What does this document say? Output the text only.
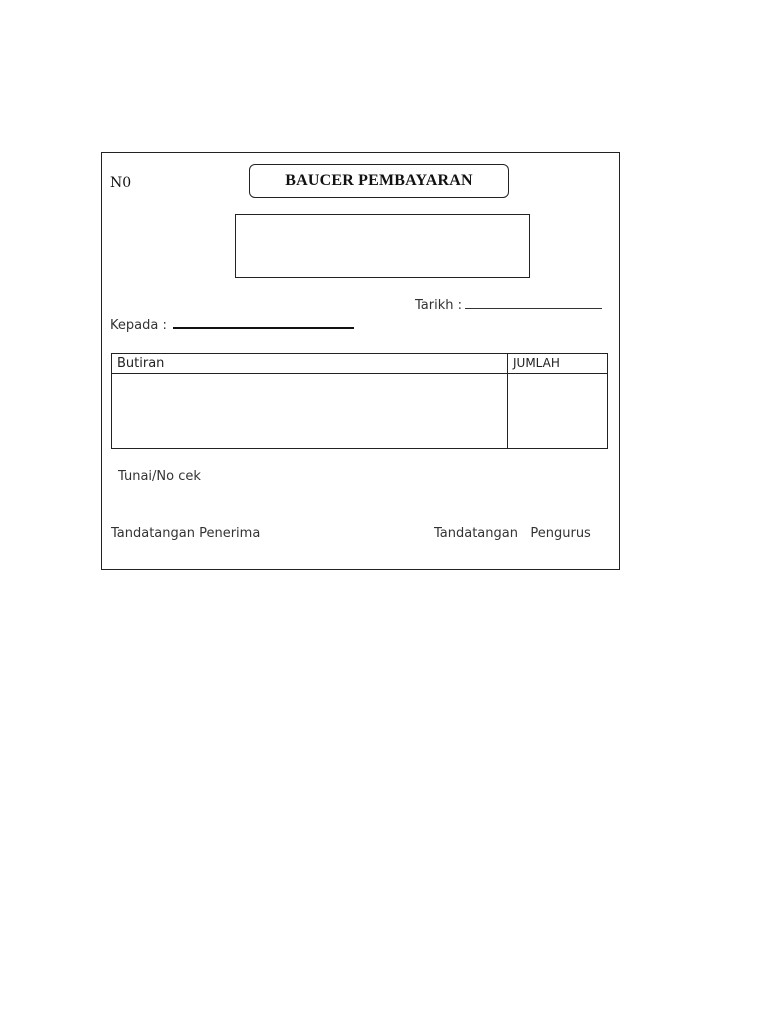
N0	BAUCER PEMBAYARAN
Tarikh :
Kepada :
Butiran	JUMLAH
Tunai/No cek
Tandatangan Penerima	Tandatangan   Pengurus
